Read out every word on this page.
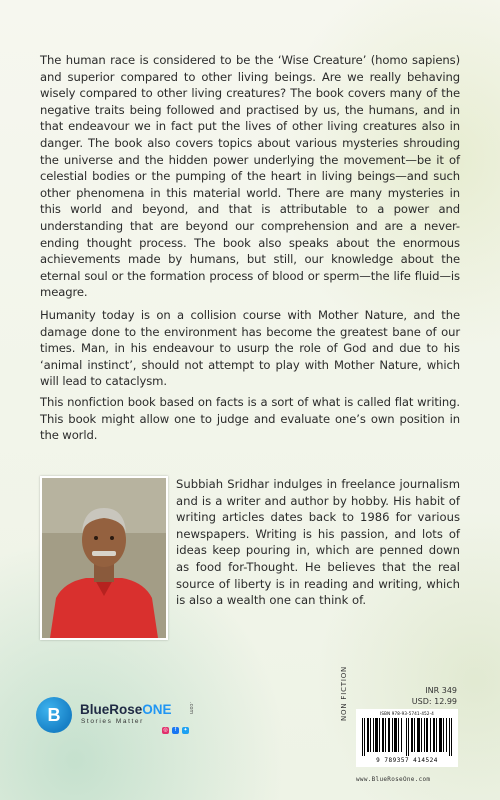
The human race is considered to be the ‘Wise Creature’ (homo sapiens) and superior compared to other living beings. Are we really behaving wisely compared to other living creatures? The book covers many of the negative traits being followed and practised by us, the humans, and in that endeavour we in fact put the lives of other living creatures also in danger. The book also covers topics about various mysteries shrouding the universe and the hidden power underlying the movement—be it of celestial bodies or the pumping of the heart in living beings—and such other phenomena in this material world. There are many mysteries in this world and beyond, and that is attributable to a power and understanding that are beyond our comprehension and are a never-ending thought process. The book also speaks about the enormous achievements made by humans, but still, our knowledge about the eternal soul or the formation process of blood or sperm—the life fluid—is meagre.

Humanity today is on a collision course with Mother Nature, and the damage done to the environment has become the greatest bane of our times. Man, in his endeavour to usurp the role of God and due to his ‘animal instinct’, should not attempt to play with Mother Nature, which will lead to cataclysm.

This nonfiction book based on facts is a sort of what is called flat writing. This book might allow one to judge and evaluate one’s own position in the world.

Subbiah Sridhar indulges in freelance journalism and is a writer and author by hobby. His habit of writing articles dates back to 1986 for various newspapers. Writing is his passion, and lots of ideas keep pouring in, which are penned down as food for-Thought. He believes that the real source of liberty is in reading and writing, which is also a wealth one can think of.

INR 349
USD: 12.99
NON FICTION	ISBN 978-93-5741-452-4
9 789357 414524
www.BlueRoseOne.com
B	BlueRoseONE	.com
Stories Matter
◎	f	✦
